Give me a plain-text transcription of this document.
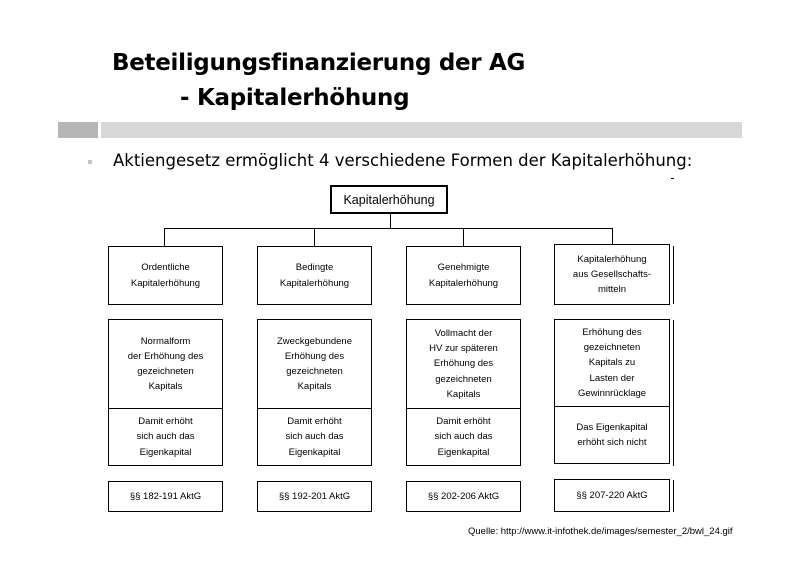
Beteiligungsfinanzierung der AG
- Kapitalerhöhung
Aktiengesetz ermöglicht 4 verschiedene Formen der Kapitalerhöhung:
Kapitalerhöhung
Ordentliche
Kapitalerhöhung
Normalform
der Erhöhung des
gezeichneten
Kapitals
Damit erhöht
sich auch das
Eigenkapital
§§ 182-191 AktG
Bedingte
Kapitalerhöhung
Zweckgebundene
Erhöhung des
gezeichneten
Kapitals
Damit erhöht
sich auch das
Eigenkapital
§§ 192-201 AktG
Genehmigte
Kapitalerhöhung
Vollmacht der
HV zur späteren
Erhöhung des
gezeichneten
Kapitals
Damit erhöht
sich auch das
Eigenkapital
§§ 202-206 AktG
Kapitalerhöhung
aus Gesellschafts-
mitteln
Erhöhung des
gezeichneten
Kapitals zu
Lasten der
Gewinnrücklage
Das Eigenkapital
erhöht sich nicht
§§ 207-220 AktG
Quelle: http://www.it-infothek.de/images/semester_2/bwl_24.gif
